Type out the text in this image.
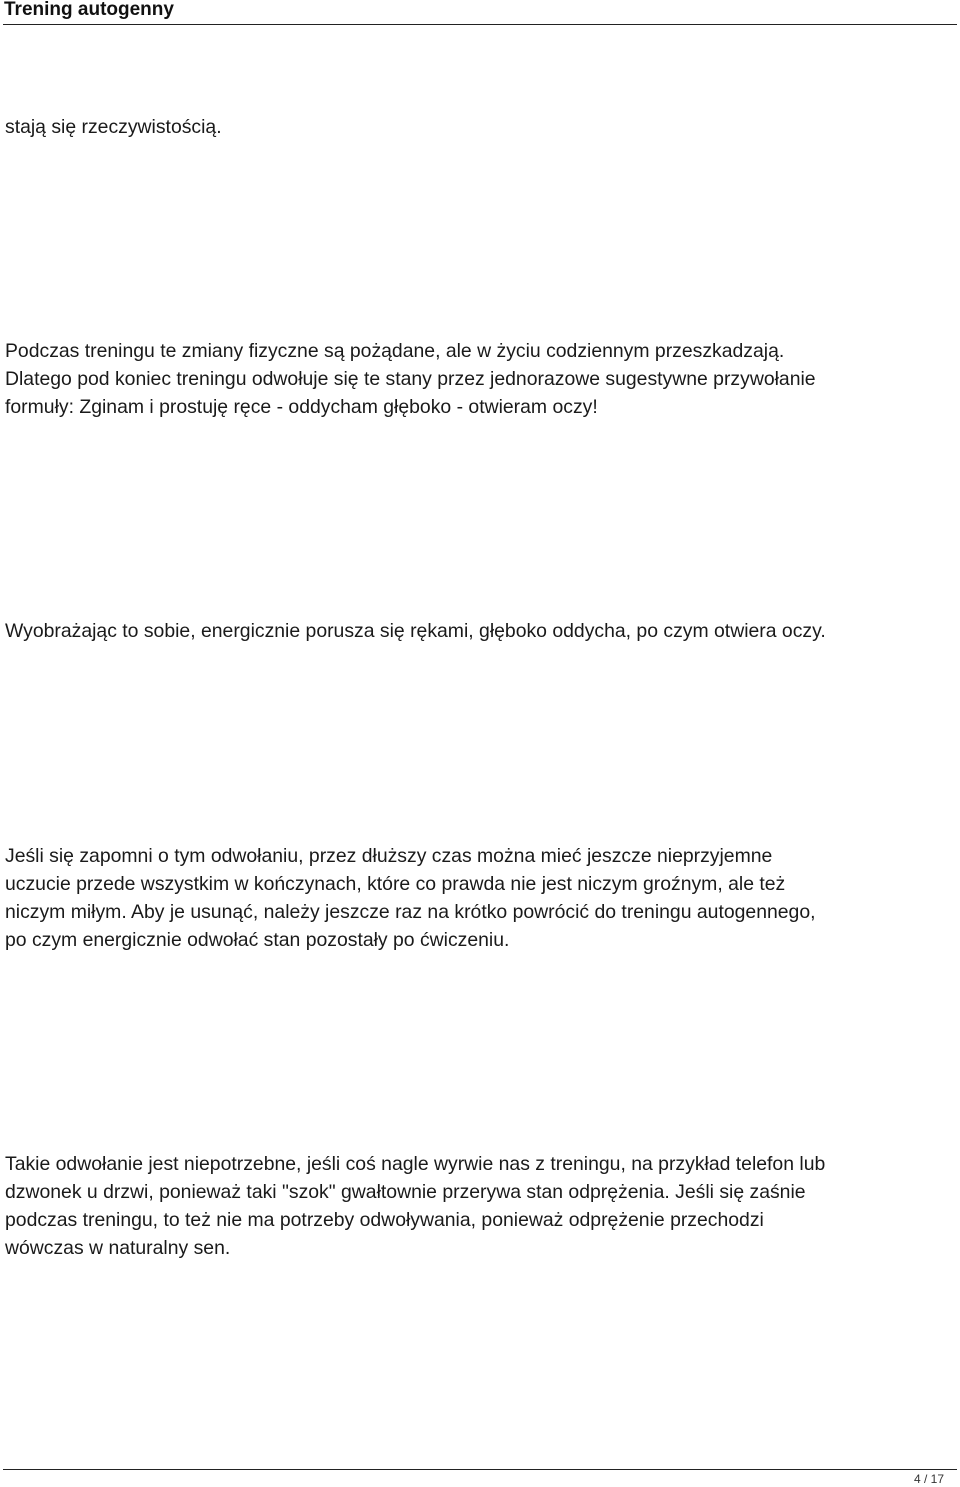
Trening autogenny
stają się rzeczywistością.
Podczas treningu te zmiany fizyczne są pożądane, ale w życiu codziennym przeszkadzają.
Dlatego pod koniec treningu odwołuje się te stany przez jednorazowe sugestywne przywołanie
formuły: Zginam i prostuję ręce - oddycham głęboko - otwieram oczy!
Wyobrażając to sobie, energicznie porusza się rękami, głęboko oddycha, po czym otwiera oczy.
Jeśli się zapomni o tym odwołaniu, przez dłuższy czas można mieć jeszcze nieprzyjemne
uczucie przede wszystkim w kończynach, które co prawda nie jest niczym groźnym, ale też
niczym miłym. Aby je usunąć, należy jeszcze raz na krótko powrócić do treningu autogennego,
po czym energicznie odwołać stan pozostały po ćwiczeniu.
Takie odwołanie jest niepotrzebne, jeśli coś nagle wyrwie nas z treningu, na przykład telefon lub
dzwonek u drzwi, ponieważ taki "szok" gwałtownie przerywa stan odprężenia. Jeśli się zaśnie
podczas treningu, to też nie ma potrzeby odwoływania, ponieważ odprężenie przechodzi
wówczas w naturalny sen.
4 / 17
